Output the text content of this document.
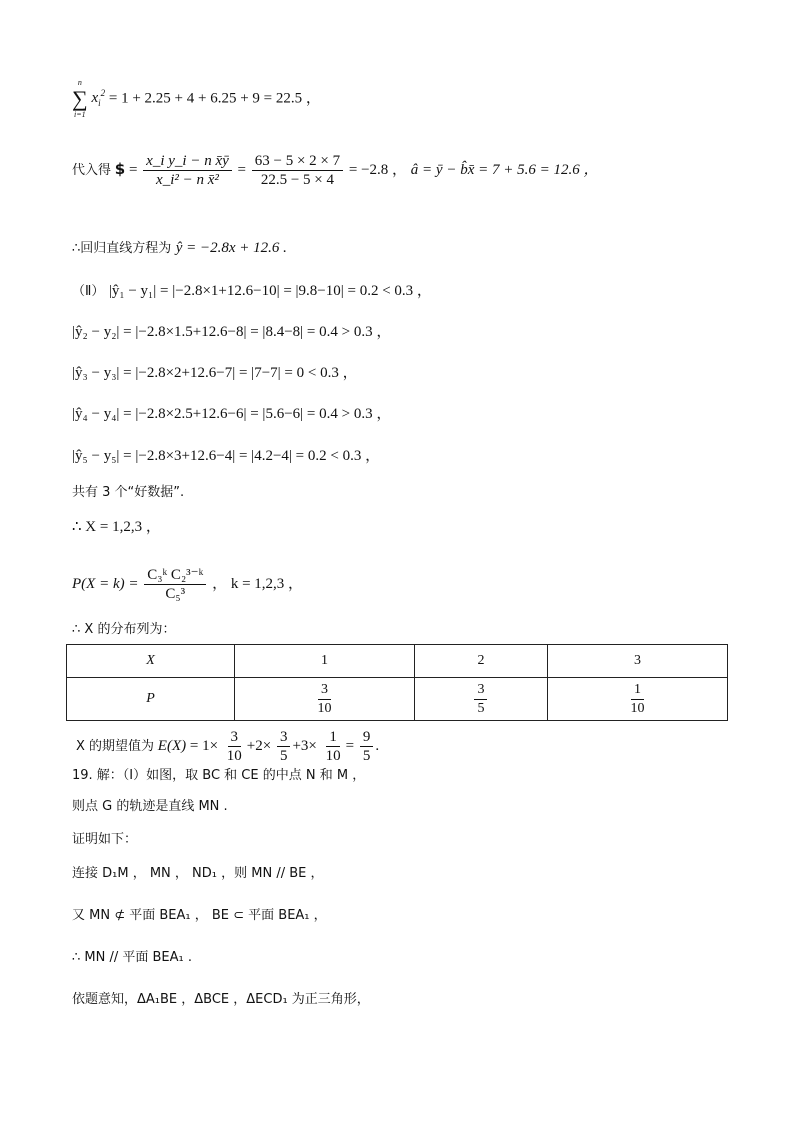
n
∑
i=1
$x_i^2 = 1 + 2.25 + 4 + 6.25 + 9 = 22.5$ ，
代入得 $ = $\frac{\text{x\_i y\_i − n x̄ȳ}}{\text{x\_i² − n x̄²}} = \frac{63 - 5 \times 2 \times 7}{22.5 - 5 \times 4} = -2.8$ ， â = ȳ − b̂x̄ = 7 + 5.6 = 12.6 ，
∴回归直线方程为 ŷ = −2.8x + 12.6 .
（Ⅱ） |ŷ₁ − y₁| = |−2.8×1+12.6−10| = |9.8−10| = 0.2 < 0.3 ，
|ŷ₂ − y₂| = |−2.8×1.5+12.6−8| = |8.4−8| = 0.4 > 0.3 ，
|ŷ₃ − y₃| = |−2.8×2+12.6−7| = |7−7| = 0 < 0.3 ，
|ŷ₄ − y₄| = |−2.8×2.5+12.6−6| = |5.6−6| = 0.4 > 0.3 ，
|ŷ₅ − y₅| = |−2.8×3+12.6−4| = |4.2−4| = 0.2 < 0.3 ，
共有 3 个“好数据”.
∴ X = 1,2,3 ，
$P(X = k) = \frac{\text{C₃ᵏ C₂³⁻ᵏ}}{\text{C₅³}}$ ， k = 1,2,3 ，
∴ X 的分布列为：
X	1	2	3
P	$\frac{3}{10}$	$\frac{3}{5}$	$\frac{1}{10}$
X 的期望值为 $E(X) = 1\times \frac{3}{10} +2\times \frac{3}{5} +3\times \frac{1}{10} = \frac{9}{5}$ .
19. 解：（Ⅰ）如图，取 BC 和 CE 的中点 N 和 M ，
则点 G 的轨迹是直线 MN .
证明如下：
连接 D₁M ， MN ， ND₁ ，则 MN // BE ，
又 MN ⊄ 平面 BEA₁ ， BE ⊂ 平面 BEA₁ ，
∴ MN // 平面 BEA₁ .
依题意知，ΔA₁BE ，ΔBCE ，ΔECD₁ 为正三角形，
